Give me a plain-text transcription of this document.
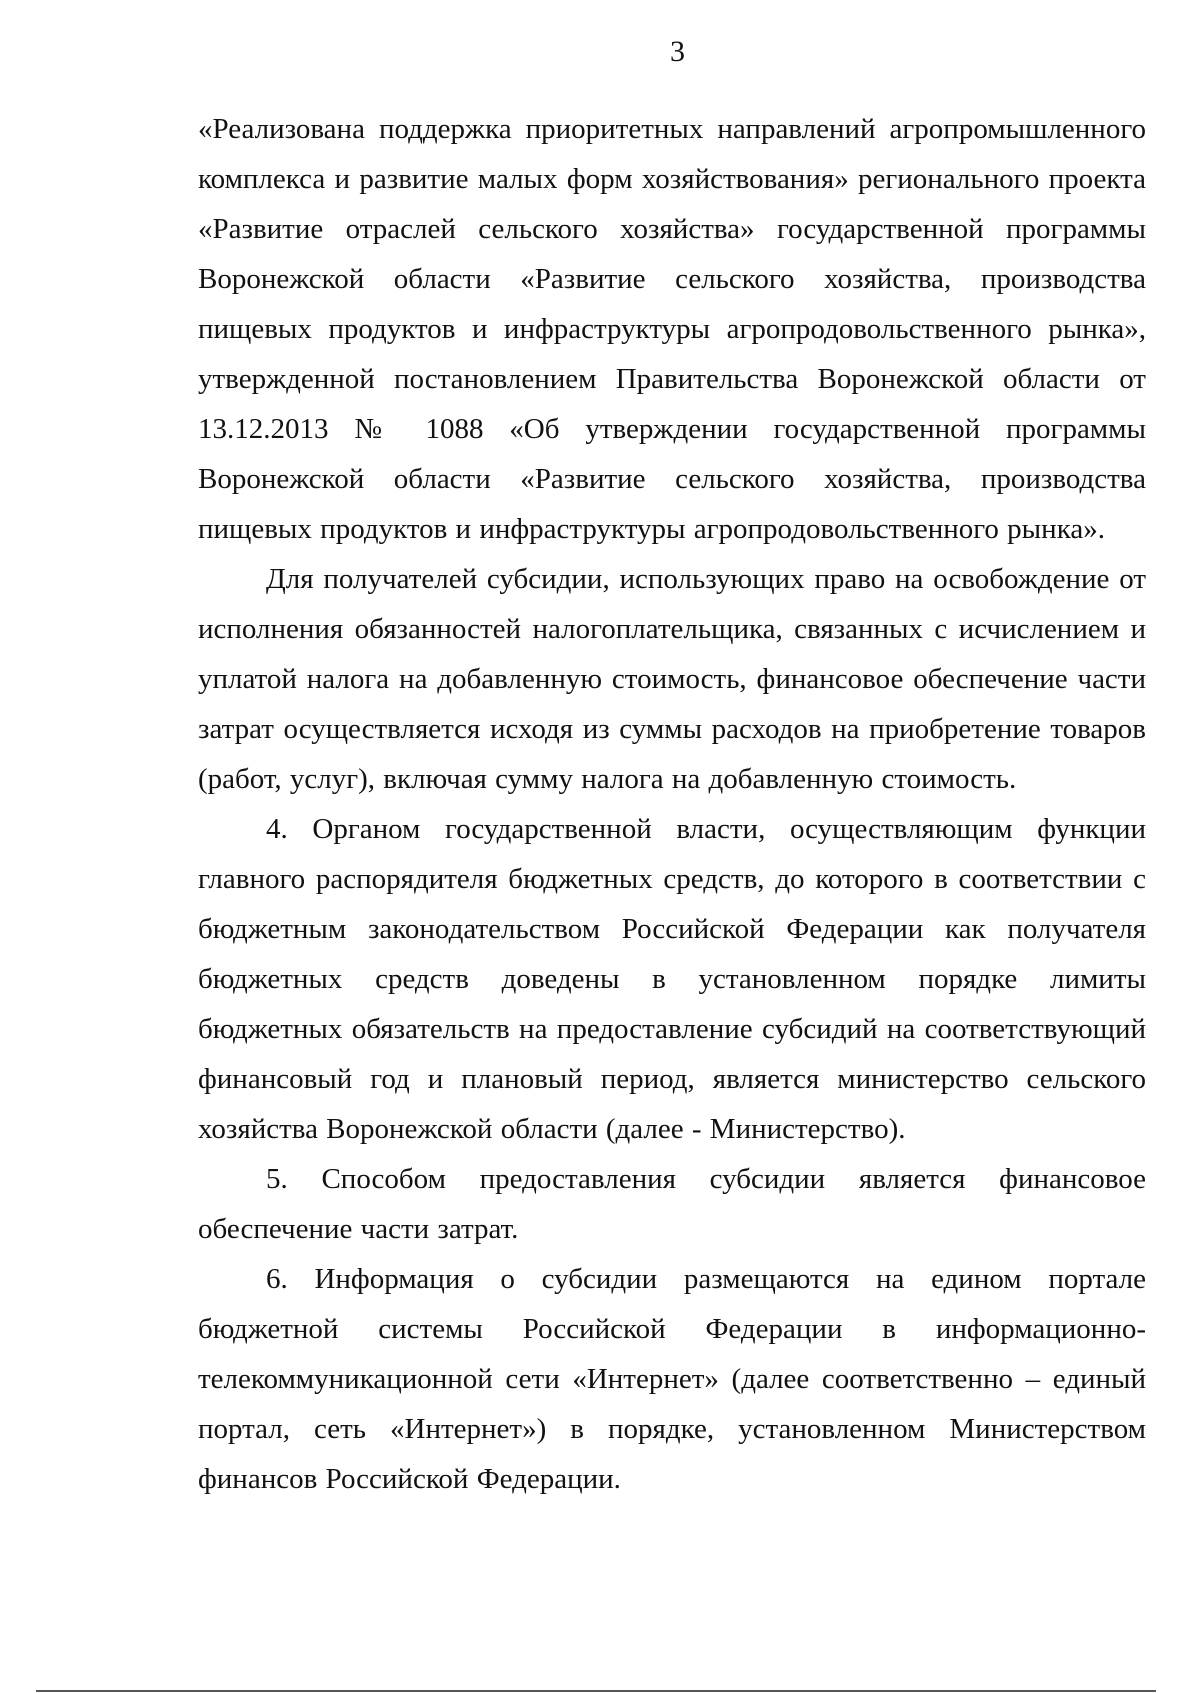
3

«Реализована поддержка приоритетных направлений агропромышленного комплекса и развитие малых форм хозяйствования» регионального проекта «Развитие отраслей сельского хозяйства» государственной программы Воронежской области «Развитие сельского хозяйства, производства пищевых продуктов и инфраструктуры агропродовольственного рынка», утвержденной постановлением Правительства Воронежской области от 13.12.2013 № 1088 «Об утверждении государственной программы Воронежской области «Развитие сельского хозяйства, производства пищевых продуктов и инфраструктуры агропродовольственного рынка».

Для получателей субсидии, использующих право на освобождение от исполнения обязанностей налогоплательщика, связанных с исчислением и уплатой налога на добавленную стоимость, финансовое обеспечение части затрат осуществляется исходя из суммы расходов на приобретение товаров (работ, услуг), включая сумму налога на добавленную стоимость.

4. Органом государственной власти, осуществляющим функции главного распорядителя бюджетных средств, до которого в соответствии с бюджетным законодательством Российской Федерации как получателя бюджетных средств доведены в установленном порядке лимиты бюджетных обязательств на предоставление субсидий на соответствующий финансовый год и плановый период, является министерство сельского хозяйства Воронежской области (далее - Министерство).

5. Способом предоставления субсидии является финансовое обеспечение части затрат.

6. Информация о субсидии размещаются на едином портале бюджетной системы Российской Федерации в информационно-телекоммуникационной сети «Интернет» (далее соответственно – единый портал, сеть «Интернет») в порядке, установленном Министерством финансов Российской Федерации.
